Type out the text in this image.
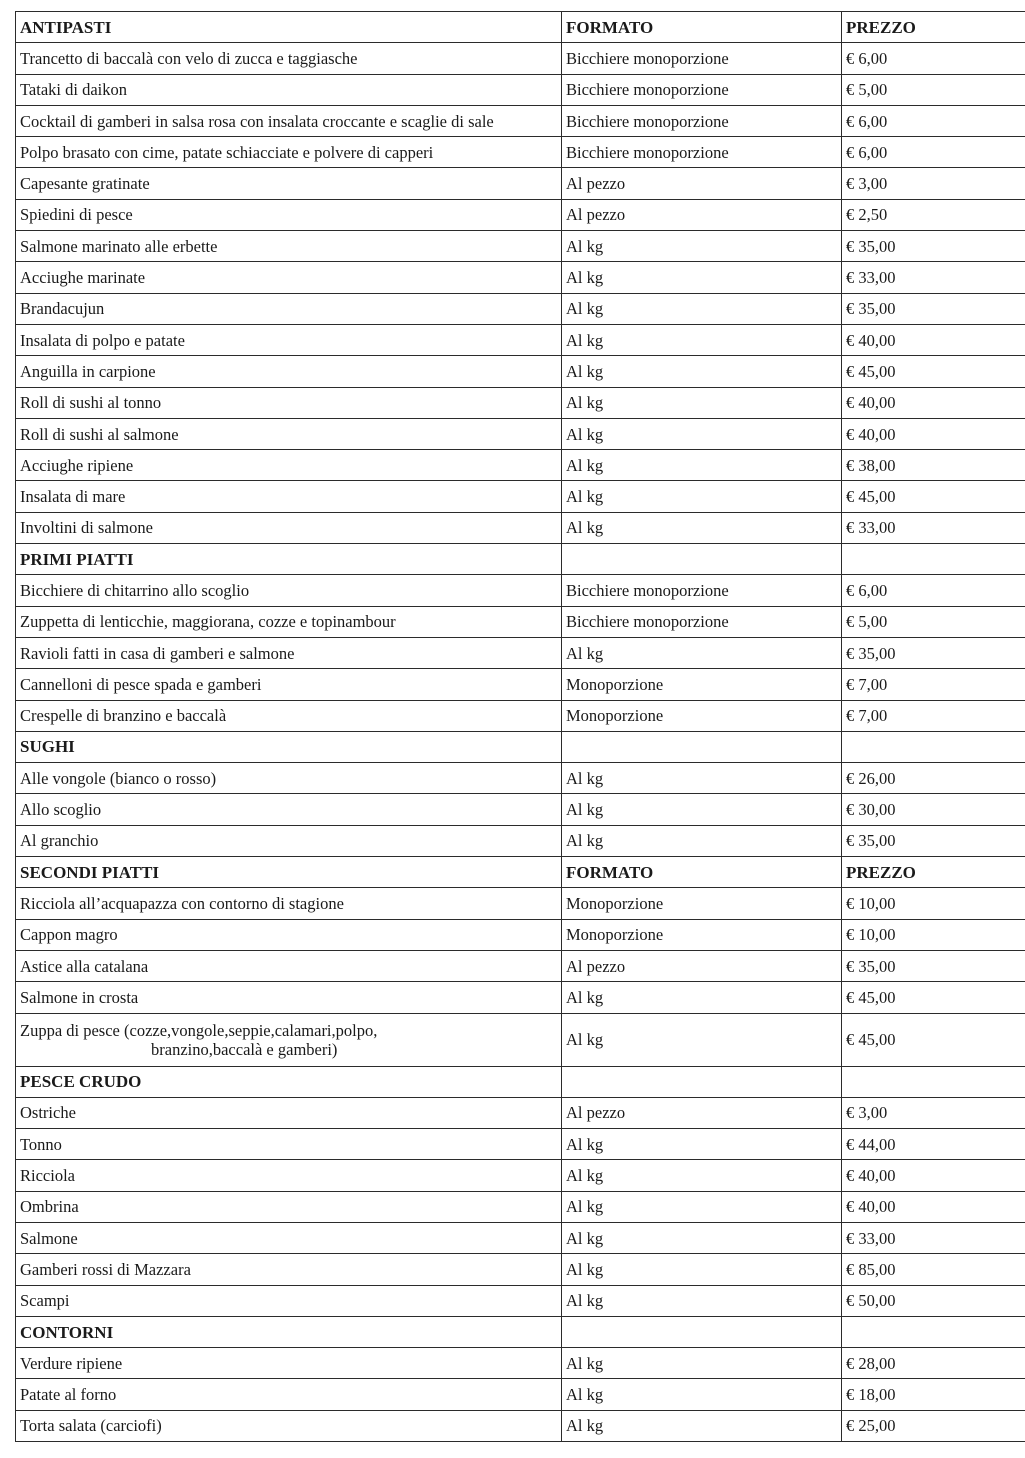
ANTIPASTI	FORMATO	PREZZO
Trancetto di baccalà con velo di zucca e taggiasche	Bicchiere monoporzione	€ 6,00
Tataki di daikon	Bicchiere monoporzione	€ 5,00
Cocktail di gamberi in salsa rosa con insalata croccante e scaglie di sale	Bicchiere monoporzione	€ 6,00
Polpo brasato con cime, patate schiacciate e polvere di capperi	Bicchiere monoporzione	€ 6,00
Capesante gratinate	Al pezzo	€ 3,00
Spiedini di pesce	Al pezzo	€ 2,50
Salmone marinato alle erbette	Al kg	€ 35,00
Acciughe marinate	Al kg	€ 33,00
Brandacujun	Al kg	€ 35,00
Insalata di polpo e patate	Al kg	€ 40,00
Anguilla in carpione	Al kg	€ 45,00
Roll di sushi al tonno	Al kg	€ 40,00
Roll di sushi al salmone	Al kg	€ 40,00
Acciughe ripiene	Al kg	€ 38,00
Insalata di mare	Al kg	€ 45,00
Involtini di salmone	Al kg	€ 33,00
PRIMI PIATTI		
Bicchiere di chitarrino allo scoglio	Bicchiere monoporzione	€ 6,00
Zuppetta di lenticchie, maggiorana, cozze e topinambour	Bicchiere monoporzione	€ 5,00
Ravioli fatti in casa di gamberi e salmone	Al kg	€ 35,00
Cannelloni di pesce spada e gamberi	Monoporzione	€ 7,00
Crespelle di branzino e baccalà	Monoporzione	€ 7,00
SUGHI		
Alle vongole (bianco o rosso)	Al kg	€ 26,00
Allo scoglio	Al kg	€ 30,00
Al granchio	Al kg	€ 35,00
SECONDI PIATTI	FORMATO	PREZZO
Ricciola all’acquapazza con contorno di stagione	Monoporzione	€ 10,00
Cappon magro	Monoporzione	€ 10,00
Astice alla catalana	Al pezzo	€ 35,00
Salmone in crosta	Al kg	€ 45,00
Zuppa di pesce (cozze,vongole,seppie,calamari,polpo,
branzino,baccalà e gamberi)	Al kg	€ 45,00
PESCE CRUDO		
Ostriche	Al pezzo	€ 3,00
Tonno	Al kg	€ 44,00
Ricciola	Al kg	€ 40,00
Ombrina	Al kg	€ 40,00
Salmone	Al kg	€ 33,00
Gamberi rossi di Mazzara	Al kg	€ 85,00
Scampi	Al kg	€ 50,00
CONTORNI		
Verdure ripiene	Al kg	€ 28,00
Patate al forno	Al kg	€ 18,00
Torta salata (carciofi)	Al kg	€ 25,00
